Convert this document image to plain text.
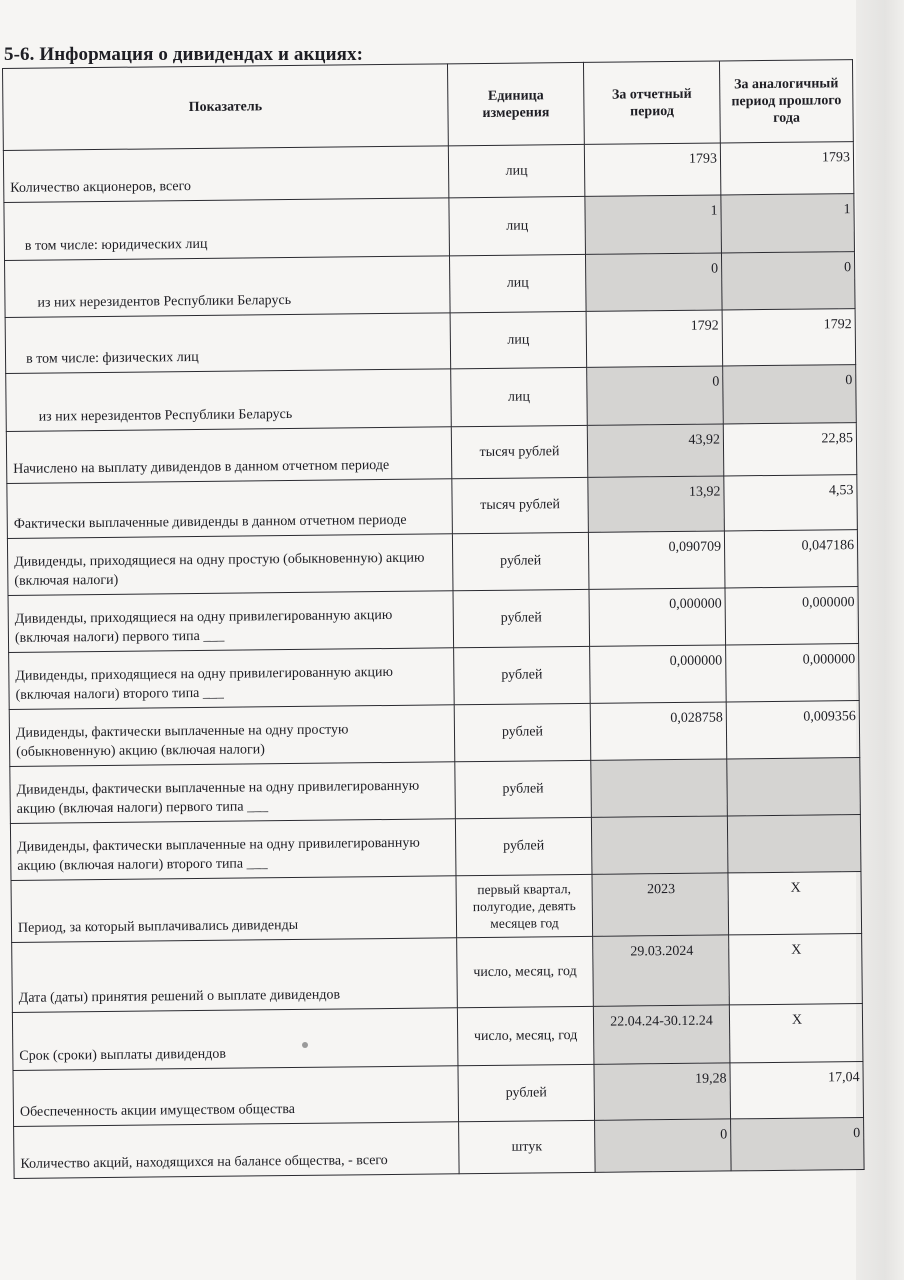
5-6. Информация о дивидендах и акциях:
Показатель	Единица измерения	За отчетный период	За аналогичный период прошлого года
Количество акционеров, всего	лиц	1793	1793
в том числе: юридических лиц	лиц	1	1
из них нерезидентов Республики Беларусь	лиц	0	0
в том числе: физических лиц	лиц	1792	1792
из них нерезидентов Республики Беларусь	лиц	0	0
Начислено на выплату дивидендов в данном отчетном периоде	тысяч рублей	43,92	22,85
Фактически выплаченные дивиденды в данном отчетном периоде	тысяч рублей	13,92	4,53
Дивиденды, приходящиеся на одну простую (обыкновенную) акцию (включая налоги)	рублей	0,090709	0,047186
Дивиденды, приходящиеся на одну привилегированную акцию (включая налоги) первого типа ___	рублей	0,000000	0,000000
Дивиденды, приходящиеся на одну привилегированную акцию (включая налоги) второго типа ___	рублей	0,000000	0,000000
Дивиденды, фактически выплаченные на одну простую (обыкновенную) акцию (включая налоги)	рублей	0,028758	0,009356
Дивиденды, фактически выплаченные на одну привилегированную акцию (включая налоги) первого типа ___	рублей		
Дивиденды, фактически выплаченные на одну привилегированную акцию (включая налоги) второго типа ___	рублей		
Период, за который выплачивались дивиденды	первый квартал, полугодие, девять месяцев год	2023	X
Дата (даты) принятия решений о выплате дивидендов	число, месяц, год	29.03.2024	X
Срок (сроки) выплаты дивидендов	число, месяц, год	22.04.24-30.12.24	X
Обеспеченность акции имуществом общества	рублей	19,28	17,04
Количество акций, находящихся на балансе общества, - всего	штук	0	0
